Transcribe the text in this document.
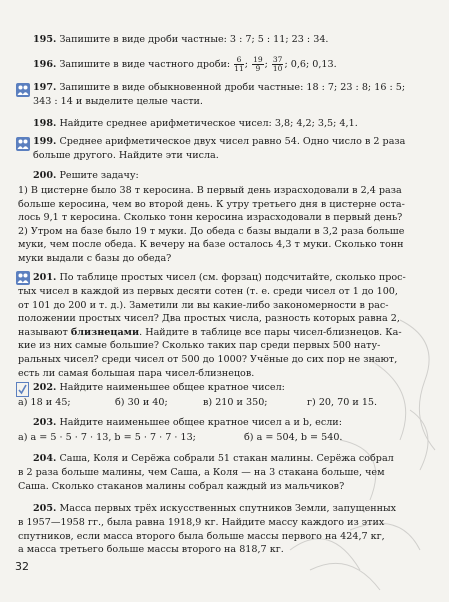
195. Запишите в виде дроби частные: 3 : 7; 5 : 11; 23 : 34.
196. Запишите в виде частного дроби: $\frac{6}{11}$ ; $\frac{19}{9}$ ; $\frac{37}{10}$ ; 0,6; 0,13.
197. Запишите в виде обыкновенной дроби частные: 18 : 7; 23 : 8; 16 : 5;
343 : 14 и выделите целые части.
198. Найдите среднее арифметическое чисел: 3,8; 4,2; 3,5; 4,1.
199. Среднее арифметическое двух чисел равно 54. Одно число в 2 раза
больше другого. Найдите эти числа.
200. Решите задачу:
1) В цистерне было 38 т керосина. В первый день израсходовали в 2,4 раза
больше керосина, чем во второй день. К утру третьего дня в цистерне оста-
лось 9,1 т керосина. Сколько тонн керосина израсходовали в первый день?
2) Утром на базе было 19 т муки. До обеда с базы выдали в 3,2 раза больше
муки, чем после обеда. К вечеру на базе осталось 4,3 т муки. Сколько тонн
муки выдали с базы до обеда?
201. По таблице простых чисел (см. форзац) подсчитайте, сколько прос-
тых чисел в каждой из первых десяти сотен (т. е. среди чисел от 1 до 100,
от 101 до 200 и т. д.). Заметили ли вы какие-либо закономерности в рас-
положении простых чисел? Два простых числа, разность которых равна 2,
называют близнецами. Найдите в таблице все пары чисел-близнецов. Ка-
кие из них самые большие? Сколько таких пар среди первых 500 нату-
ральных чисел? среди чисел от 500 до 1000? Учёные до сих пор не знают,
есть ли самая большая пара чисел-близнецов.
202. Найдите наименьшее общее кратное чисел:
а) 18 и 45;	б) 30 и 40;	в) 210 и 350;	г) 20, 70 и 15.
203. Найдите наименьшее общее кратное чисел a и b, если:
а) a = 5 · 5 · 7 · 13, b = 5 · 7 · 7 · 13;	б) a = 504, b = 540.
204. Саша, Коля и Серёжа собрали 51 стакан малины. Серёжа собрал
в 2 раза больше малины, чем Саша, а Коля — на 3 стакана больше, чем
Саша. Сколько стаканов малины собрал каждый из мальчиков?
205. Масса первых трёх искусственных спутников Земли, запущенных
в 1957—1958 гг., была равна 1918,9 кг. Найдите массу каждого из этих
спутников, если масса второго была больше массы первого на 424,7 кг,
а масса третьего больше массы второго на 818,7 кг.
32
